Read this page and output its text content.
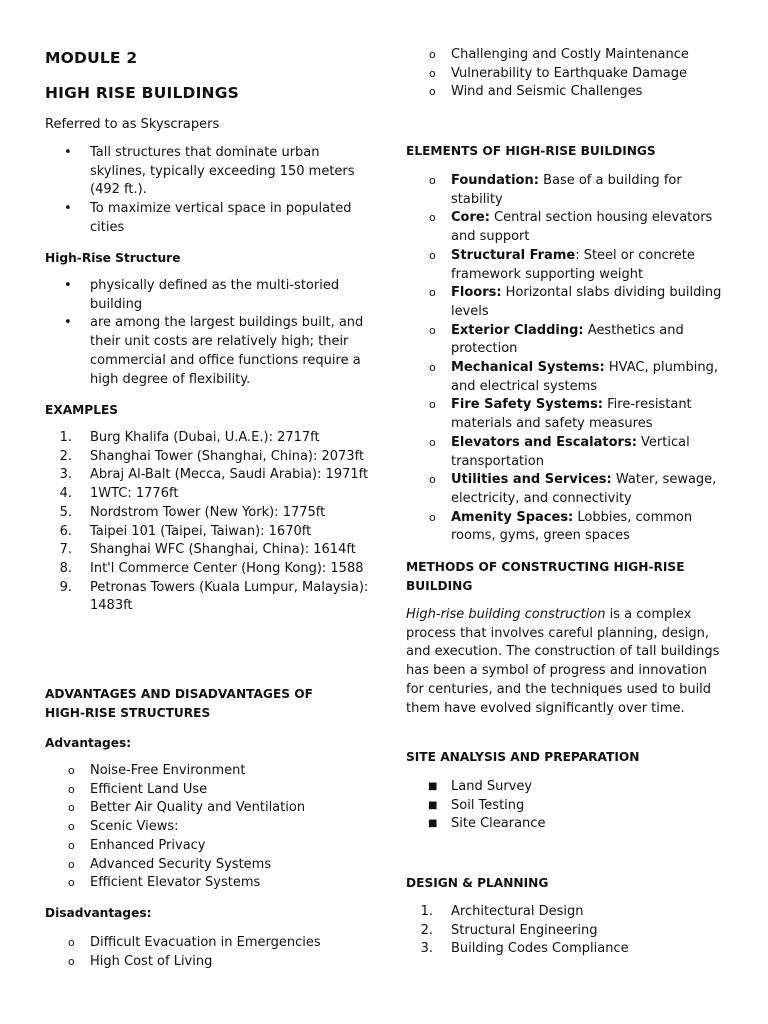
MODULE 2
HIGH RISE BUILDINGS

Referred to as Skyscrapers

•	Tall structures that dominate urban skylines, typically exceeding 150 meters (492 ft.).
•	To maximize vertical space in populated cities
High-Rise Structure
•	physically defined as the multi-storied building
•	are among the largest buildings built, and their unit costs are relatively high; their commercial and office functions require a high degree of flexibility.
EXAMPLES
1.	Burg Khalifa (Dubai, U.A.E.): 2717ft
2.	Shanghai Tower (Shanghai, China): 2073ft
3.	Abraj Al-Balt (Mecca, Saudi Arabia): 1971ft
4.	1WTC: 1776ft
5.	Nordstrom Tower (New York): 1775ft
6.	Taipei 101 (Taipei, Taiwan): 1670ft
7.	Shanghai WFC (Shanghai, China): 1614ft
8.	Int'l Commerce Center (Hong Kong): 1588
9.	Petronas Towers (Kuala Lumpur, Malaysia): 1483ft
ADVANTAGES AND DISADVANTAGES OF HIGH-RISE STRUCTURES
Advantages:
o	Noise-Free Environment
o	Efficient Land Use
o	Better Air Quality and Ventilation
o	Scenic Views:
o	Enhanced Privacy
o	Advanced Security Systems
o	Efficient Elevator Systems
Disadvantages:
o	Difficult Evacuation in Emergencies
o	High Cost of Living
o	Challenging and Costly Maintenance
o	Vulnerability to Earthquake Damage
o	Wind and Seismic Challenges
ELEMENTS OF HIGH-RISE BUILDINGS
o	Foundation: Base of a building for stability
o	Core: Central section housing elevators and support
o	Structural Frame: Steel or concrete framework supporting weight
o	Floors: Horizontal slabs dividing building levels
o	Exterior Cladding: Aesthetics and protection
o	Mechanical Systems: HVAC, plumbing, and electrical systems
o	Fire Safety Systems: Fire-resistant materials and safety measures
o	Elevators and Escalators: Vertical transportation
o	Utilities and Services: Water, sewage, electricity, and connectivity
o	Amenity Spaces: Lobbies, common rooms, gyms, green spaces
METHODS OF CONSTRUCTING HIGH-RISE BUILDING

High-rise building construction is a complex process that involves careful planning, design, and execution. The construction of tall buildings has been a symbol of progress and innovation for centuries, and the techniques used to build them have evolved significantly over time.

SITE ANALYSIS AND PREPARATION
■	Land Survey
■	Soil Testing
■	Site Clearance
DESIGN & PLANNING
1.	Architectural Design
2.	Structural Engineering
3.	Building Codes Compliance
